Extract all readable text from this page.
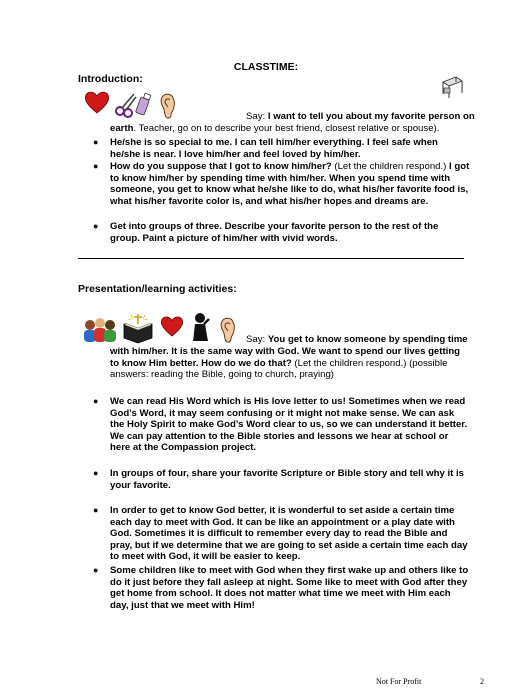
CLASSTIME:
Introduction:
Say: I want to tell you about my favorite person on
earth. Teacher, go on to describe your best friend, closest relative or spouse).
● He/she is so special to me. I can tell him/her everything. I feel safe when he/she is near. I love him/her and feel loved by him/her.
● How do you suppose that I got to know him/her? (Let the children respond.) I got to know him/her by spending time with him/her. When you spend time with someone, you get to know what he/she like to do, what his/her favorite food is, what his/her favorite color is, and what his/her hopes and dreams are.
● Get into groups of three. Describe your favorite person to the rest of the group. Paint a picture of him/her with vivid words.
Presentation/learning activities:
Say: You get to know someone by spending time
with him/her. It is the same way with God. We want to spend our lives getting to know Him better. How do we do that? (Let the children respond.) (possible answers: reading the Bible, going to church, praying)
● We can read His Word which is His love letter to us! Sometimes when we read God’s Word, it may seem confusing or it might not make sense. We can ask the Holy Spirit to make God’s Word clear to us, so we can understand it better. We can pay attention to the Bible stories and lessons we hear at school or here at the Compassion project.
● In groups of four, share your favorite Scripture or Bible story and tell why it is your favorite.
● In order to get to know God better, it is wonderful to set aside a certain time each day to meet with God. It can be like an appointment or a play date with God. Sometimes it is difficult to remember every day to read the Bible and pray, but if we determine that we are going to set aside a certain time each day to meet with God, it will be easier to keep.
● Some children like to meet with God when they first wake up and others like to do it just before they fall asleep at night. Some like to meet with God after they get home from school. It does not matter what time we meet with Him each day, just that we meet with Him!
Not For Profit	2
